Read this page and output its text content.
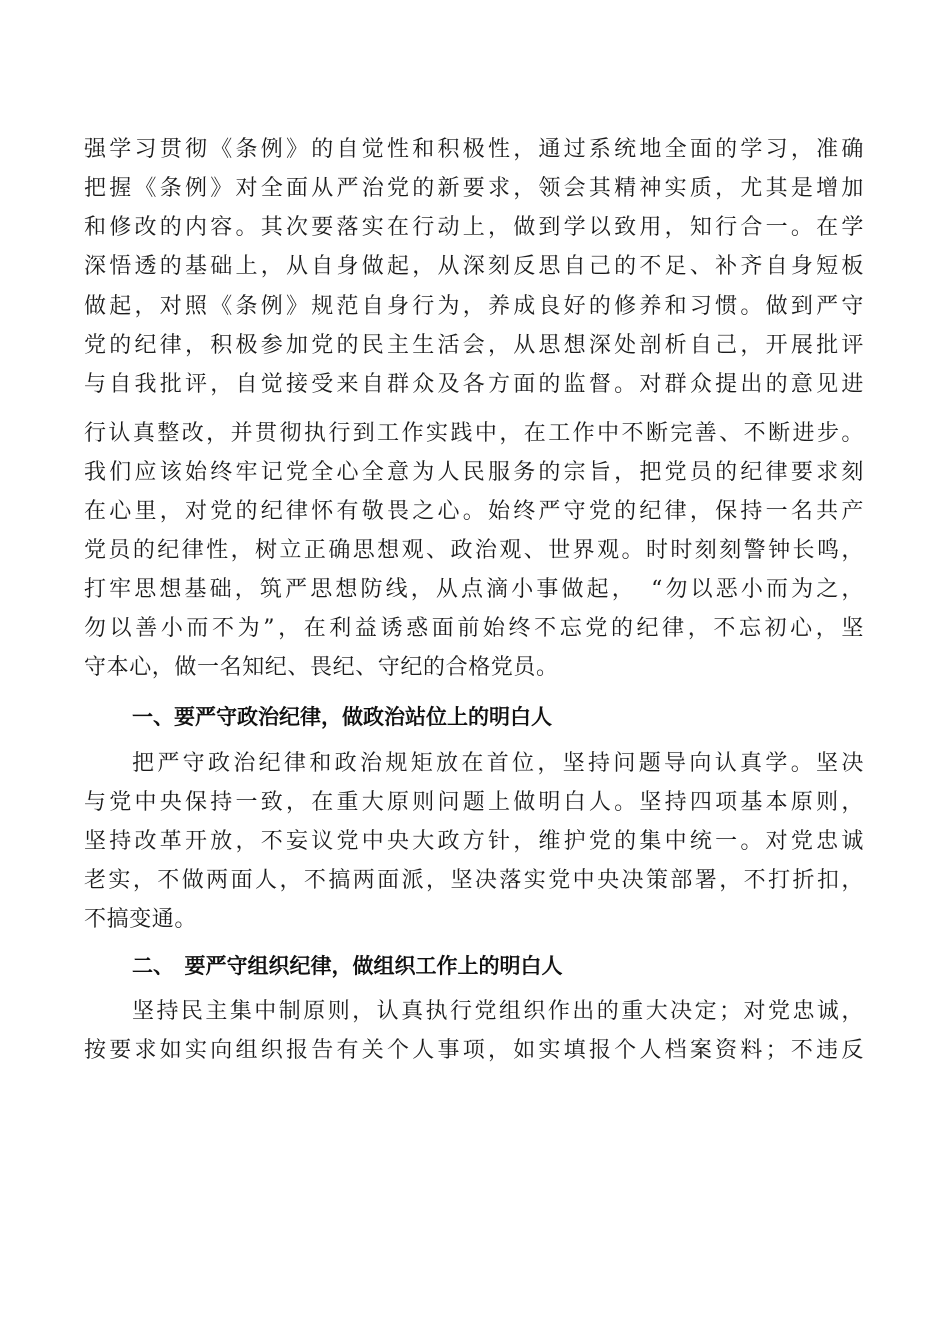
强学习贯彻《条例》的自觉性和积极性，通过系统地全面的学习，准确
把握《条例》对全面从严治党的新要求，领会其精神实质，尤其是增加
和修改的内容。其次要落实在行动上，做到学以致用，知行合一。在学
深悟透的基础上，从自身做起，从深刻反思自己的不足、补齐自身短板
做起，对照《条例》规范自身行为，养成良好的修养和习惯。做到严守
党的纪律，积极参加党的民主生活会，从思想深处剖析自己，开展批评
与自我批评，自觉接受来自群众及各方面的监督。对群众提出的意见进
行认真整改，并贯彻执行到工作实践中，在工作中不断完善、不断进步。
我们应该始终牢记党全心全意为人民服务的宗旨，把党员的纪律要求刻
在心里，对党的纪律怀有敬畏之心。始终严守党的纪律，保持一名共产
党员的纪律性，树立正确思想观、政治观、世界观。时时刻刻警钟长鸣，
打牢思想基础，筑严思想防线，从点滴小事做起，　“勿以恶小而为之，
勿以善小而不为”，在利益诱惑面前始终不忘党的纪律，不忘初心，坚
守本心，做一名知纪、畏纪、守纪的合格党员。
一、要严守政治纪律，做政治站位上的明白人
把严守政治纪律和政治规矩放在首位，坚持问题导向认真学。坚决
与党中央保持一致，在重大原则问题上做明白人。坚持四项基本原则，
坚持改革开放，不妄议党中央大政方针，维护党的集中统一。对党忠诚
老实，不做两面人，不搞两面派，坚决落实党中央决策部署，不打折扣，
不搞变通。
二、　要严守组织纪律，做组织工作上的明白人
坚持民主集中制原则，认真执行党组织作出的重大决定；对党忠诚，
按要求如实向组织报告有关个人事项，如实填报个人档案资料；不违反
